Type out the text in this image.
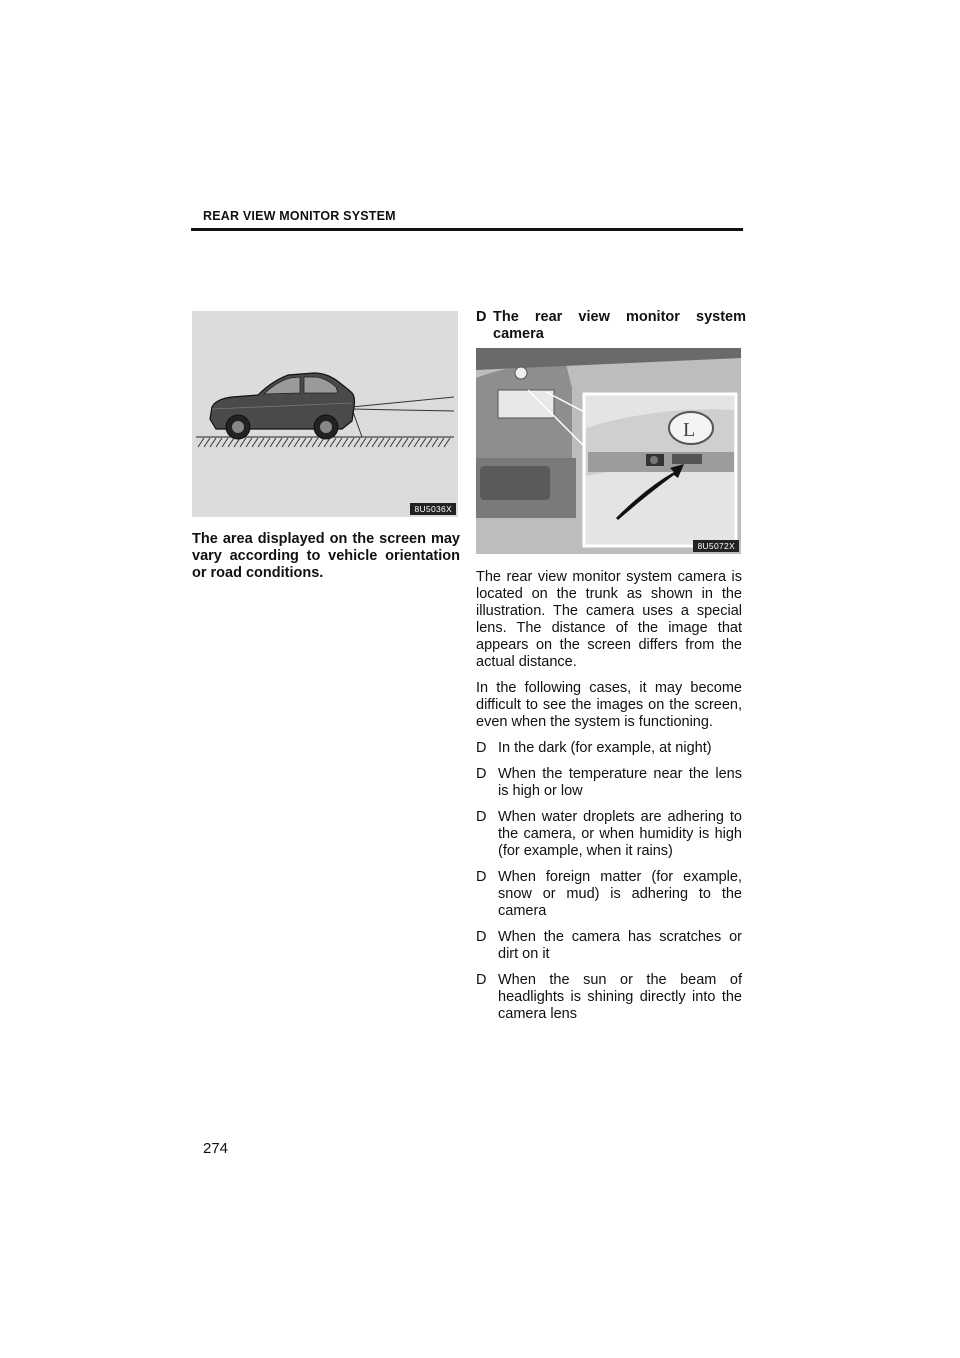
REAR VIEW MONITOR SYSTEM
8U5036X
The area displayed on the screen may vary according to vehicle orientation or road conditions.
D The rear view monitor system camera
L
8U5072X

The rear view monitor system camera is located on the trunk as shown in the illustration. The camera uses a special lens. The distance of the image that appears on the screen differs from the actual distance.

In the following cases, it may become difficult to see the images on the screen, even when the system is functioning.

D In the dark (for example, at night)
D When the temperature near the lens is high or low
D When water droplets are adhering to the camera, or when humidity is high (for example, when it rains)
D When foreign matter (for example, snow or mud) is adhering to the camera
D When the camera has scratches or dirt on it
D When the sun or the beam of headlights is shining directly into the camera lens
274
